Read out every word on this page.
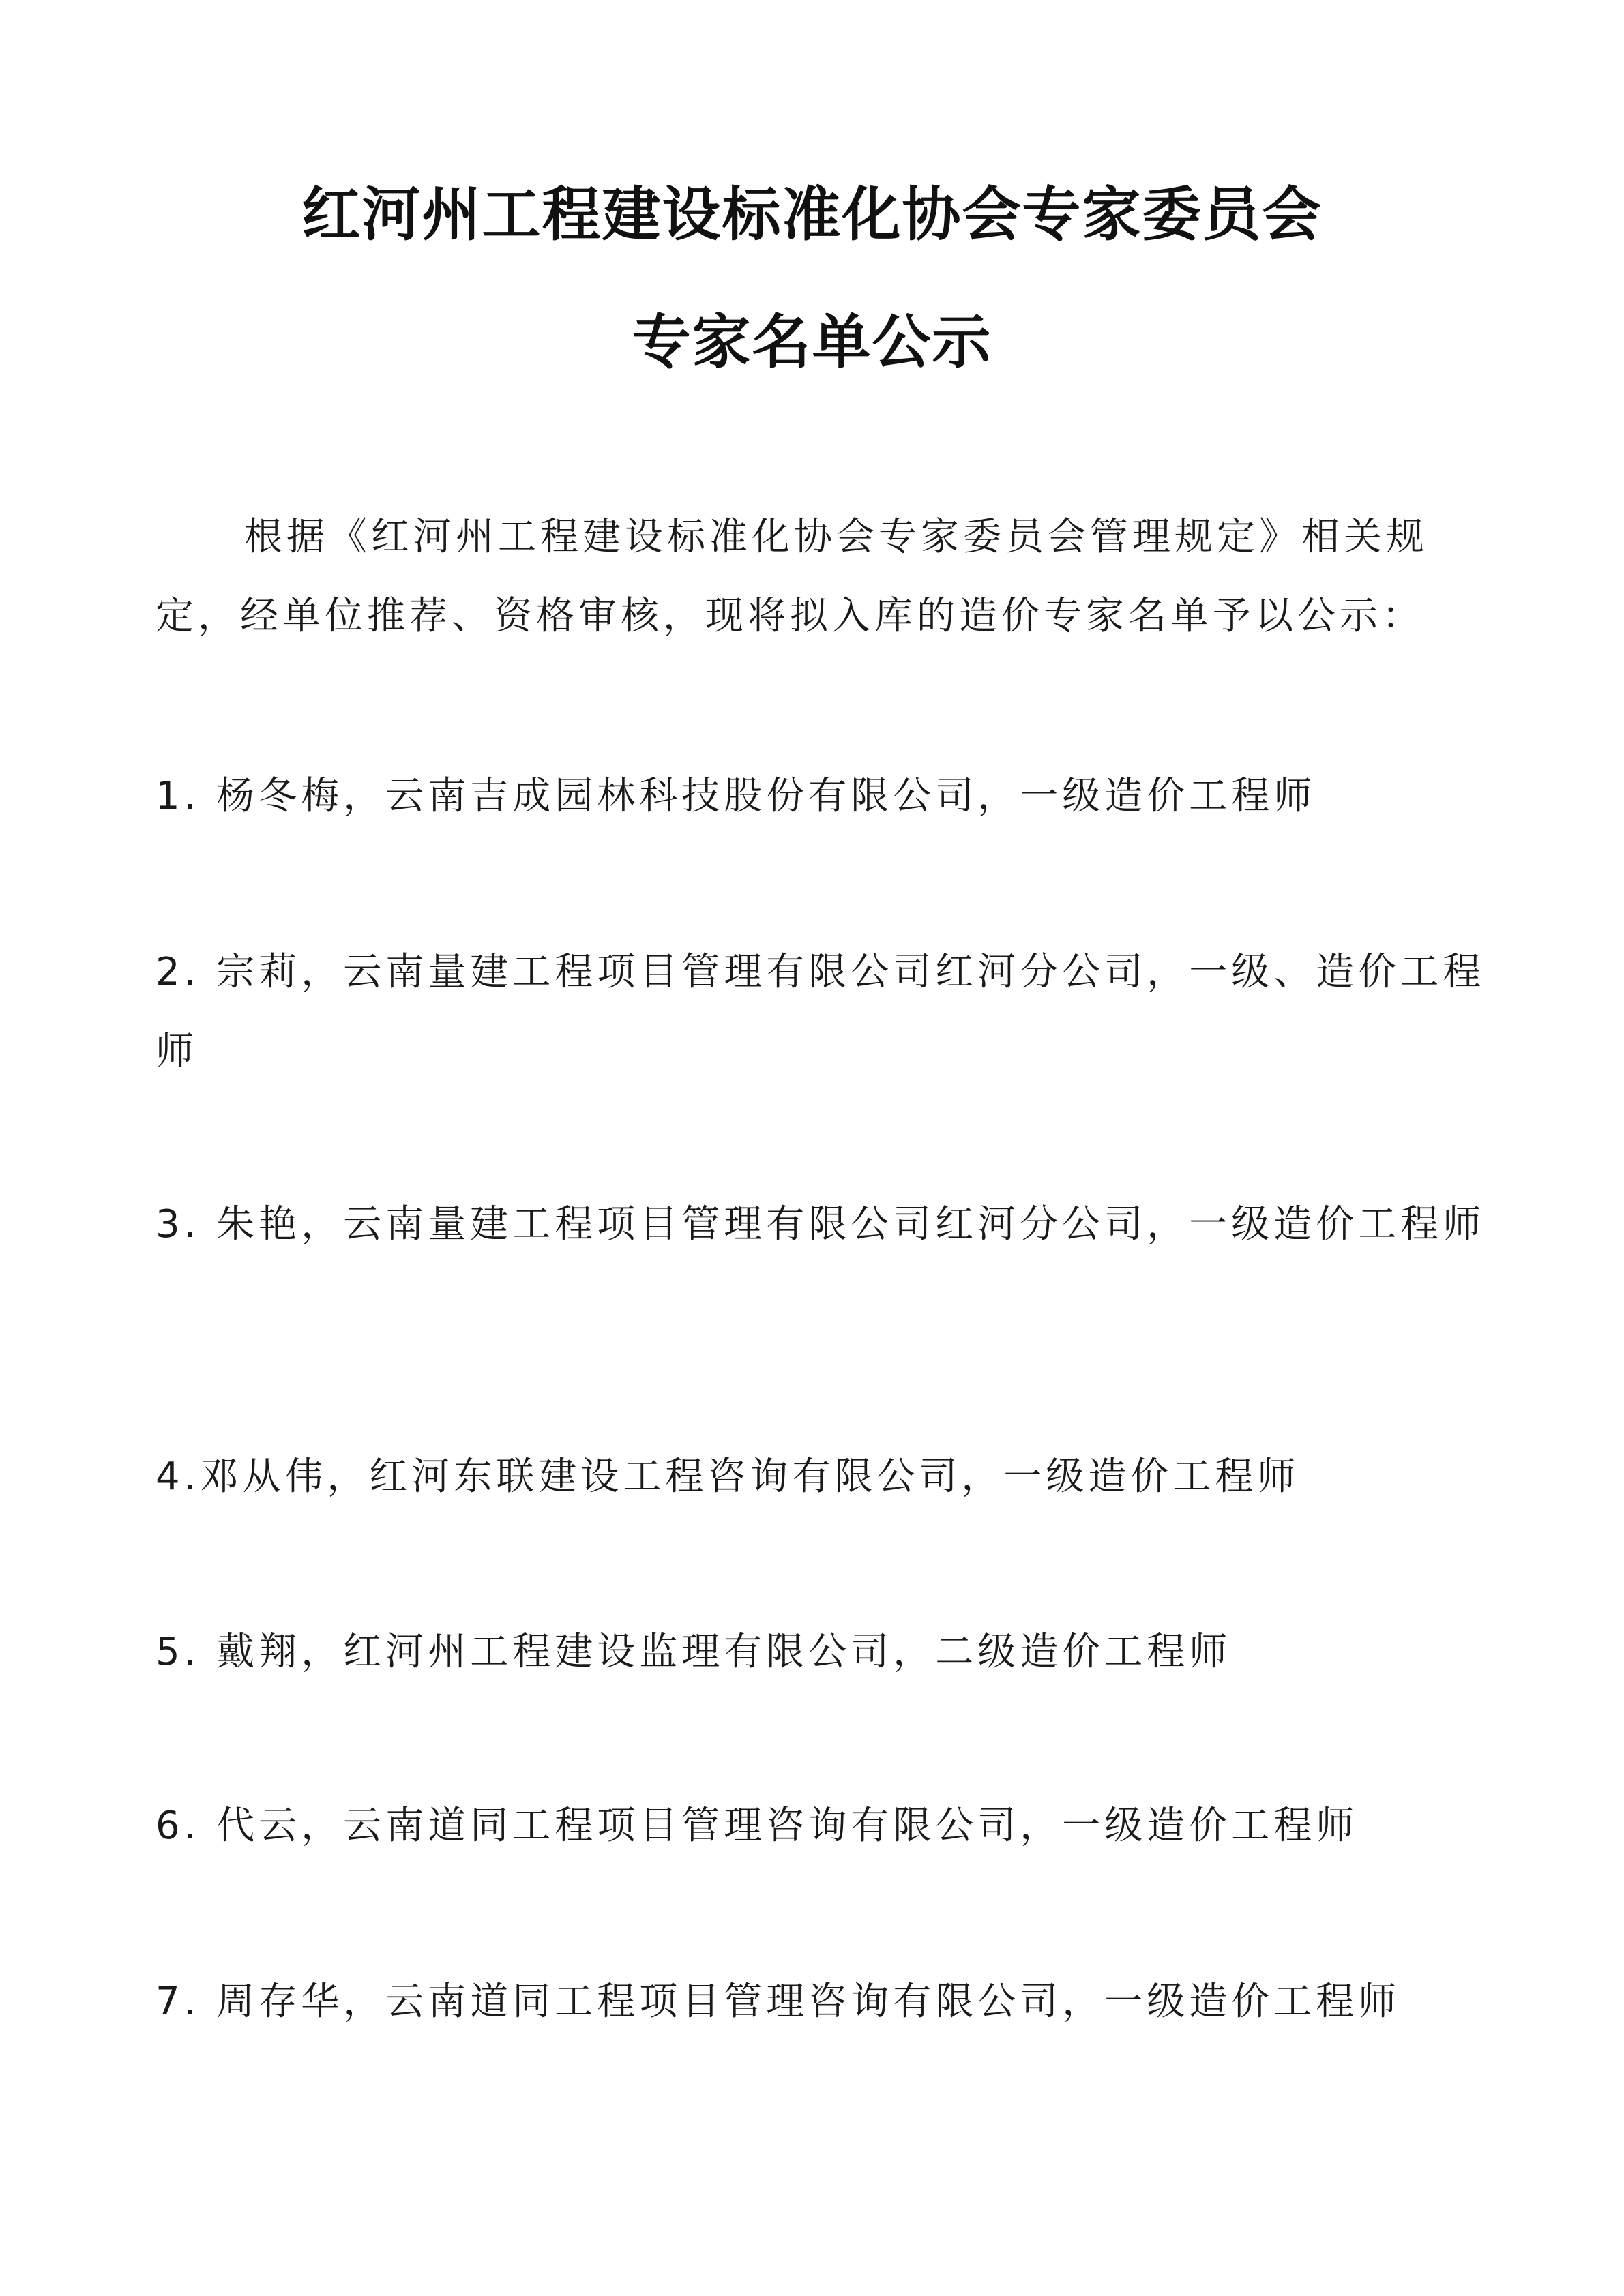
红河州工程建设标准化协会专家委员会
专家名单公示
根据《红河州工程建设标准化协会专家委员会管理规定》相关规定，经单位推荐、资格审核，现将拟入库的造价专家名单予以公示：
1. 杨冬梅，云南吉成园林科技股份有限公司，一级造价工程师
2. 宗莉，云南量建工程项目管理有限公司红河分公司，一级、造价工程师
3. 朱艳，云南量建工程项目管理有限公司红河分公司，一级造价工程师
4.邓从伟，红河东联建设工程咨询有限公司，一级造价工程师
5. 戴翔，红河州工程建设监理有限公司，二级造价工程师
6. 代云，云南道同工程项目管理咨询有限公司，一级造价工程师
7. 周存华，云南道同工程项目管理咨询有限公司，一级造价工程师
